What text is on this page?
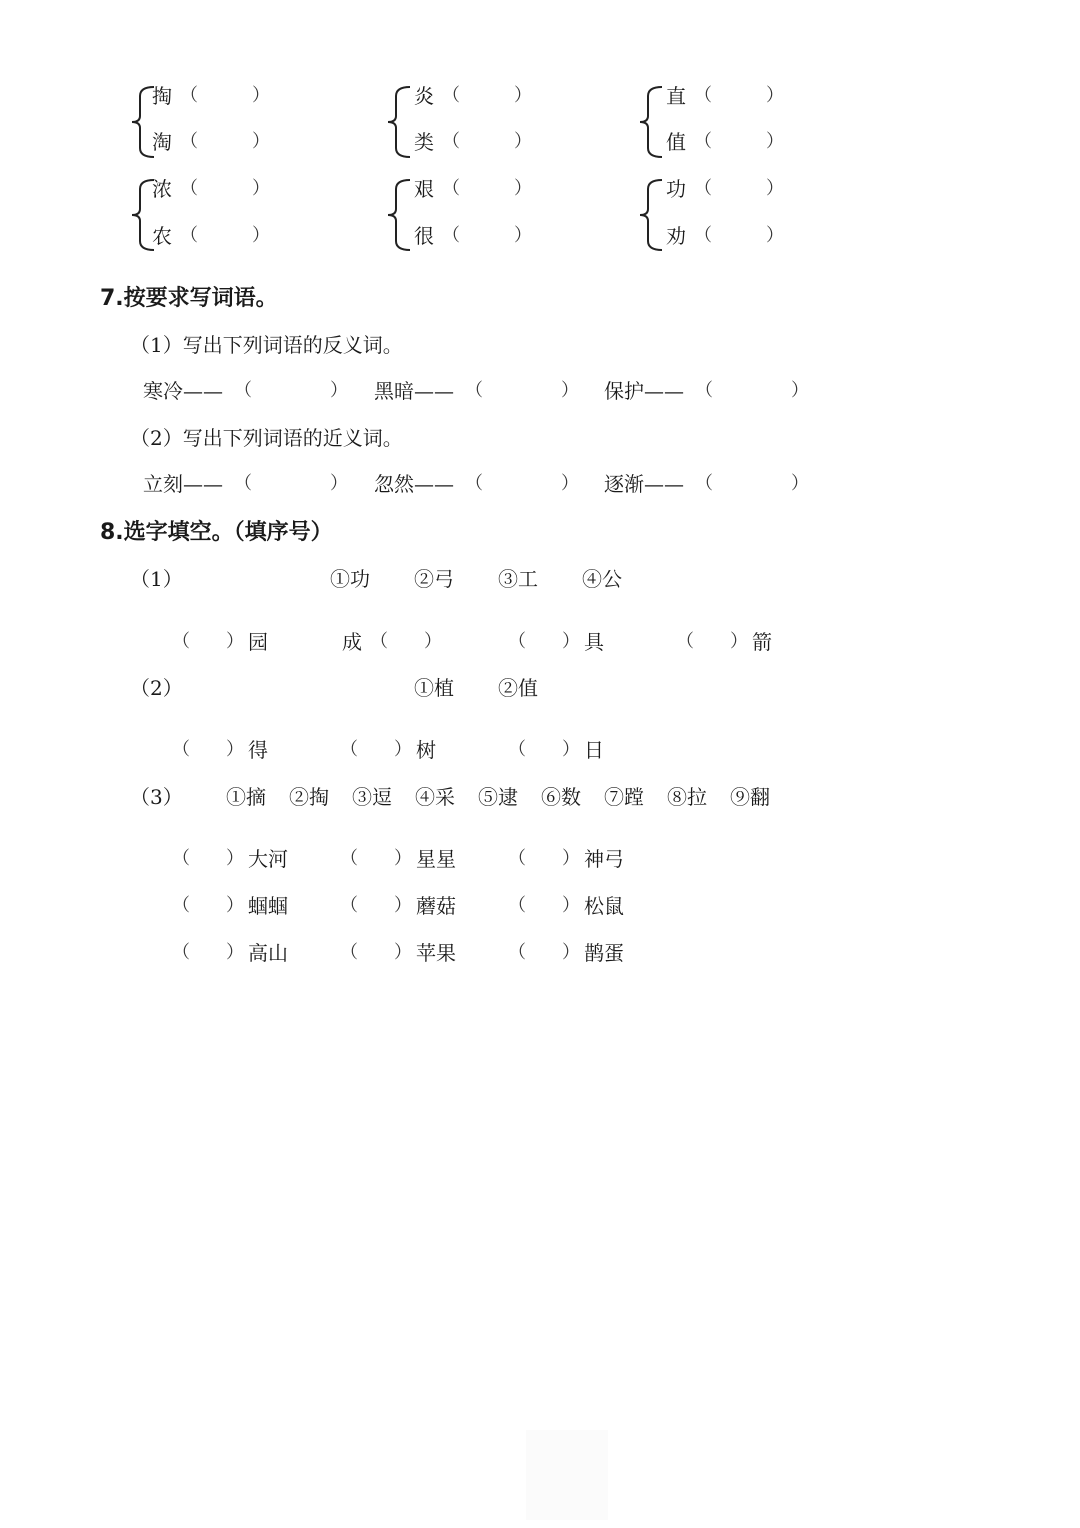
掏 （	）
淘 （	）
炎 （	）
类 （	）
直 （	）
值 （	）
浓 （	）
农 （	）
艰 （	）
很 （	）
功 （	）
劝 （	）
7.按要求写词语。
（1）写出下列词语的反义词。
寒冷—— （	） 黑暗—— （	） 保护—— （	）
（2）写出下列词语的近义词。
立刻—— （	） 忽然—— （	） 逐渐—— （	）
8.选字填空。（填序号）
（1）	①功 ②弓 ③工 ④公
（ ） 园	成 （ ）	（ ） 具	（ ） 箭
（2）	①植 ②值
（ ） 得	（ ） 树	（ ） 日
（3） ①摘 ②掏 ③逗 ④采 ⑤逮 ⑥数 ⑦蹚 ⑧拉 ⑨翻
（ ） 大河	（ ） 星星	（ ） 神弓
（ ） 蝈蝈	（ ） 蘑菇	（ ） 松鼠
（ ） 高山	（ ） 苹果	（ ） 鹊蛋
